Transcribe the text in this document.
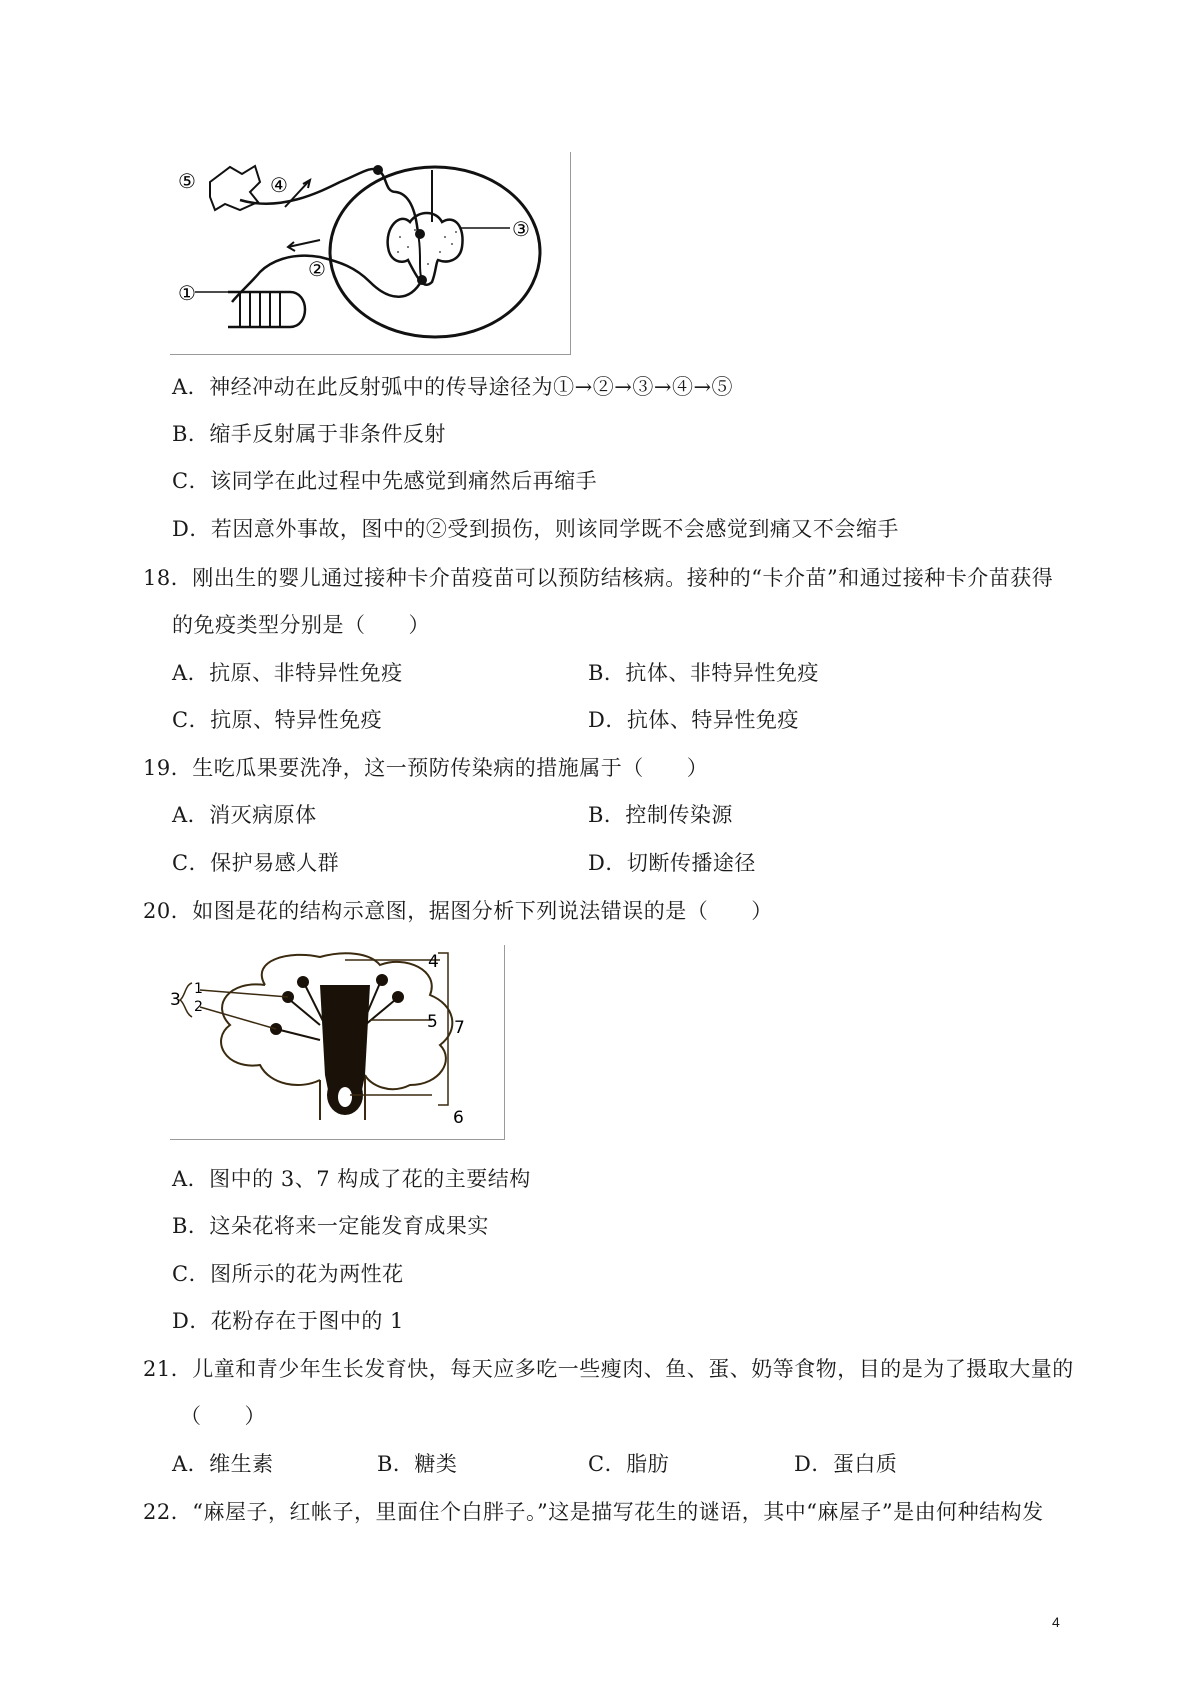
⑤	④
③
②
①
A．神经冲动在此反射弧中的传导途径为①→②→③→④→⑤
B．缩手反射属于非条件反射
C．该同学在此过程中先感觉到痛然后再缩手
D．若因意外事故，图中的②受到损伤，则该同学既不会感觉到痛又不会缩手
18．刚出生的婴儿通过接种卡介苗疫苗可以预防结核病。接种的“卡介苗”和通过接种卡介苗获得
的免疫类型分别是（　　）
A．抗原、非特异性免疫	B．抗体、非特异性免疫
C．抗原、特异性免疫	D．抗体、特异性免疫
19．生吃瓜果要洗净，这一预防传染病的措施属于（　　）
A．消灭病原体	B．控制传染源
C．保护易感人群	D．切断传播途径
20．如图是花的结构示意图，据图分析下列说法错误的是（　　）
3
1
2
4
5 7
6
A．图中的 3、7 构成了花的主要结构
B．这朵花将来一定能发育成果实
C．图所示的花为两性花
D．花粉存在于图中的 1
21．儿童和青少年生长发育快，每天应多吃一些瘦肉、鱼、蛋、奶等食物，目的是为了摄取大量的
（　　）
A．维生素	B．糖类	C．脂肪	D．蛋白质
22．“麻屋子，红帐子，里面住个白胖子。”这是描写花生的谜语，其中“麻屋子”是由何种结构发
4
